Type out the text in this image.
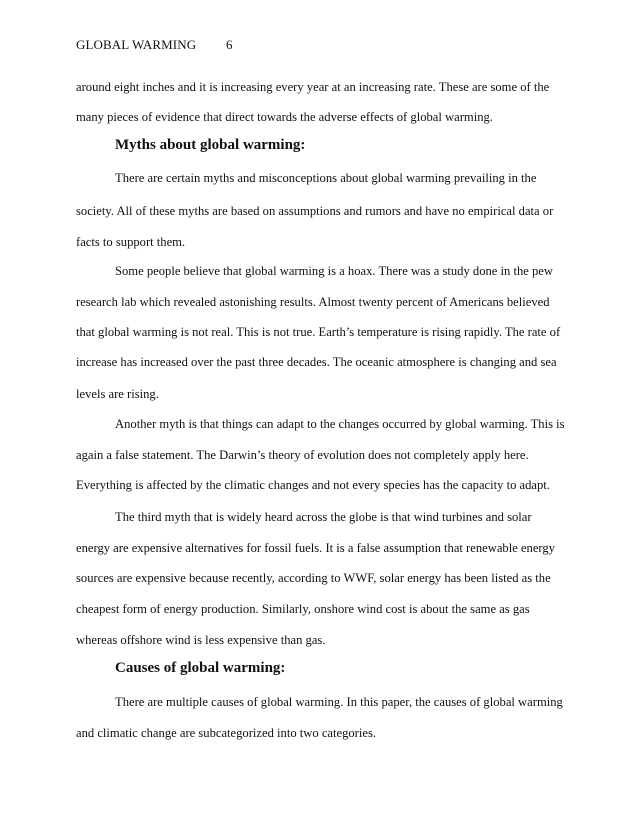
GLOBAL WARMING 6
around eight inches and it is increasing every year at an increasing rate. These are some of the
many pieces of evidence that direct towards the adverse effects of global warming.
Myths about global warming:
There are certain myths and misconceptions about global warming prevailing in the
society. All of these myths are based on assumptions and rumors and have no empirical data or
facts to support them.
Some people believe that global warming is a hoax. There was a study done in the pew
research lab which revealed astonishing results. Almost twenty percent of Americans believed
that global warming is not real. This is not true. Earth’s temperature is rising rapidly. The rate of
increase has increased over the past three decades. The oceanic atmosphere is changing and sea
levels are rising.
Another myth is that things can adapt to the changes occurred by global warming. This is
again a false statement. The Darwin’s theory of evolution does not completely apply here.
Everything is affected by the climatic changes and not every species has the capacity to adapt.
The third myth that is widely heard across the globe is that wind turbines and solar
energy are expensive alternatives for fossil fuels. It is a false assumption that renewable energy
sources are expensive because recently, according to WWF, solar energy has been listed as the
cheapest form of energy production. Similarly, onshore wind cost is about the same as gas
whereas offshore wind is less expensive than gas.
Causes of global warming:
There are multiple causes of global warming. In this paper, the causes of global warming
and climatic change are subcategorized into two categories.
